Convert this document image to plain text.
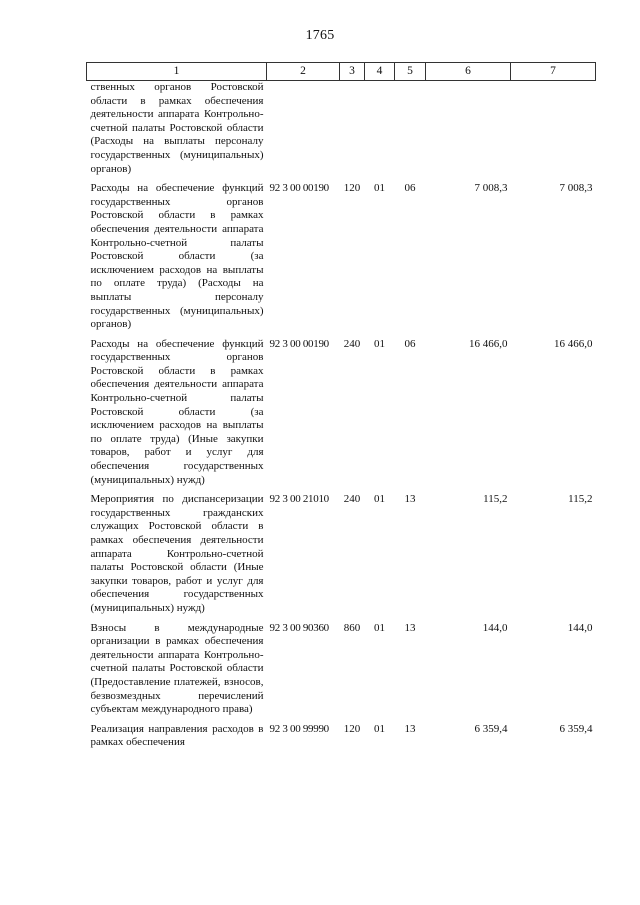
1765
1	2	3	4	5	6	7
ственных органов Ростовской области в рамках обеспечения деятельности аппарата Контрольно-счетной палаты Ростовской области (Расходы на выплаты персоналу государственных (муниципальных) органов)						
Расходы на обеспечение функций государственных органов Ростовской области в рамках обеспечения деятельности аппарата Контрольно-счетной палаты Ростовской области (за исключением расходов на выплаты по оплате труда) (Расходы на выплаты персоналу государственных (муниципальных) органов)	92 3 00 00190	120	01	06	7 008,3	7 008,3
Расходы на обеспечение функций государственных органов Ростовской области в рамках обеспечения деятельности аппарата Контрольно-счетной палаты Ростовской области (за исключением расходов на выплаты по оплате труда) (Иные закупки товаров, работ и услуг для обеспечения государственных (муниципальных) нужд)	92 3 00 00190	240	01	06	16 466,0	16 466,0
Мероприятия по диспансеризации государственных гражданских служащих Ростовской области в рамках обеспечения деятельности аппарата Контрольно-счетной палаты Ростовской области (Иные закупки товаров, работ и услуг для обеспечения государственных (муниципальных) нужд)	92 3 00 21010	240	01	13	115,2	115,2
Взносы в международные организации в рамках обеспечения деятельности аппарата Контрольно-счетной палаты Ростовской области (Предоставление платежей, взносов, безвозмездных перечислений субъектам международного права)	92 3 00 90360	860	01	13	144,0	144,0
Реализация направления расходов в рамках обеспечения	92 3 00 99990	120	01	13	6 359,4	6 359,4
